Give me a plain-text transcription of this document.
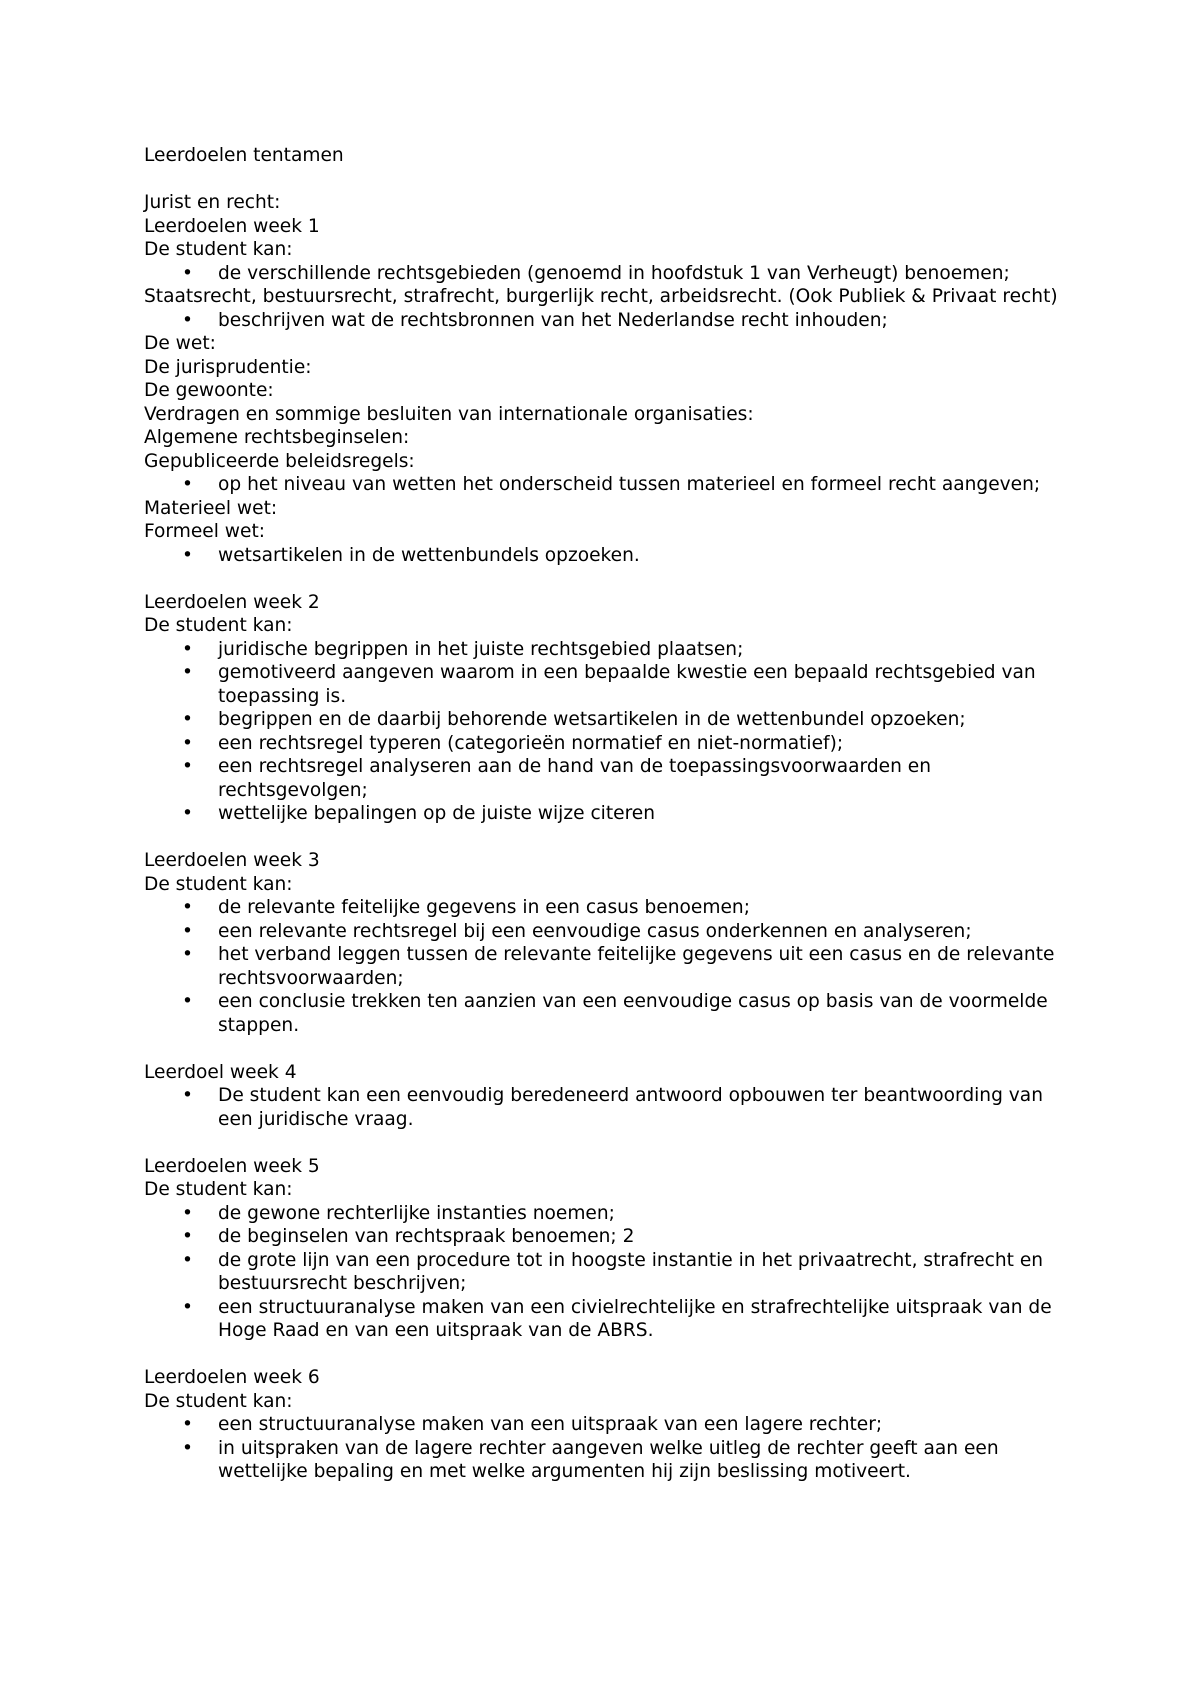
Leerdoelen tentamen

Jurist en recht:

Leerdoelen week 1

De student kan:

•	de verschillende rechtsgebieden (genoemd in hoofdstuk 1 van Verheugt) benoemen;

Staatsrecht, bestuursrecht, strafrecht, burgerlijk recht, arbeidsrecht. (Ook Publiek & Privaat recht)

•	beschrijven wat de rechtsbronnen van het Nederlandse recht inhouden;

De wet:

De jurisprudentie:

De gewoonte:

Verdragen en sommige besluiten van internationale organisaties:

Algemene rechtsbeginselen:

Gepubliceerde beleidsregels:

•	op het niveau van wetten het onderscheid tussen materieel en formeel recht aangeven;

Materieel wet:

Formeel wet:

•	wetsartikelen in de wettenbundels opzoeken.

Leerdoelen week 2

De student kan:

•	juridische begrippen in het juiste rechtsgebied plaatsen;
•	gemotiveerd aangeven waarom in een bepaalde kwestie een bepaald rechtsgebied van toepassing is.
•	begrippen en de daarbij behorende wetsartikelen in de wettenbundel opzoeken;
•	een rechtsregel typeren (categorieën normatief en niet-normatief);
•	een rechtsregel analyseren aan de hand van de toepassingsvoorwaarden en rechtsgevolgen;
•	wettelijke bepalingen op de juiste wijze citeren

Leerdoelen week 3

De student kan:

•	de relevante feitelijke gegevens in een casus benoemen;
•	een relevante rechtsregel bij een eenvoudige casus onderkennen en analyseren;
•	het verband leggen tussen de relevante feitelijke gegevens uit een casus en de relevante rechtsvoorwaarden;
•	een conclusie trekken ten aanzien van een eenvoudige casus op basis van de voormelde stappen.

Leerdoel week 4

•	De student kan een eenvoudig beredeneerd antwoord opbouwen ter beantwoording van een juridische vraag.

Leerdoelen week 5

De student kan:

•	de gewone rechterlijke instanties noemen;
•	de beginselen van rechtspraak benoemen; 2
•	de grote lijn van een procedure tot in hoogste instantie in het privaatrecht, strafrecht en bestuursrecht beschrijven;
•	een structuuranalyse maken van een civielrechtelijke en strafrechtelijke uitspraak van de Hoge Raad en van een uitspraak van de ABRS.

Leerdoelen week 6

De student kan:

•	een structuuranalyse maken van een uitspraak van een lagere rechter;
•	in uitspraken van de lagere rechter aangeven welke uitleg de rechter geeft aan een wettelijke bepaling en met welke argumenten hij zijn beslissing motiveert.
